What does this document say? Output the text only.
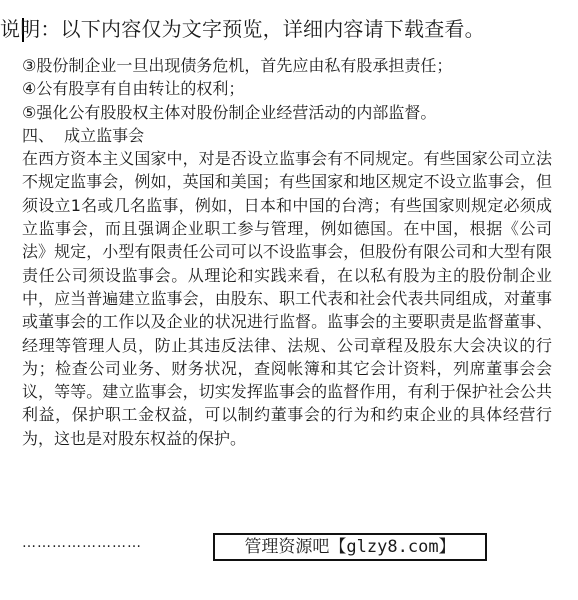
说明：以下内容仅为文字预览，详细内容请下载查看。
③股份制企业一旦出现债务危机，首先应由私有股承担责任；
④公有股享有自由转让的权利；
⑤强化公有股股权主体对股份制企业经营活动的内部监督。
四、  成立监事会
在西方资本主义国家中，对是否设立监事会有不同规定。有些国家公司立法不规定监事会，例如，英国和美国；有些国家和地区规定不设立监事会，但须设立1名或几名监事，例如，日本和中国的台湾；有些国家则规定必须成立监事会，而且强调企业职工参与管理，例如德国。在中国，根据《公司法》规定，小型有限责任公司可以不设监事会，但股份有限公司和大型有限责任公司须设监事会。从理论和实践来看，在以私有股为主的股份制企业中，应当普遍建立监事会，由股东、职工代表和社会代表共同组成，对董事或董事会的工作以及企业的状况进行监督。监事会的主要职责是监督董事、经理等管理人员，防止其违反法律、法规、公司章程及股东大会决议的行为；检查公司业务、财务状况，查阅帐簿和其它会计资料，列席董事会会议，等等。建立监事会，切实发挥监事会的监督作用，有利于保护社会公共利益，保护职工金权益，可以制约董事会的行为和约束企业的具体经营行为，这也是对股东权益的保护。
……………………	管理资源吧【glzy8.com】
